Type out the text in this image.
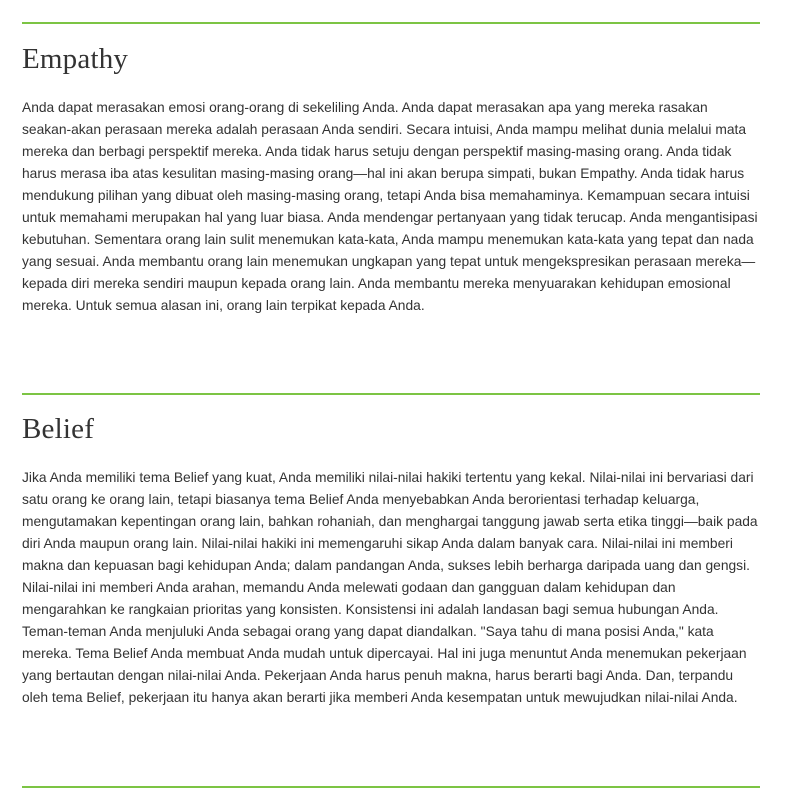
Empathy

Anda dapat merasakan emosi orang-orang di sekeliling Anda. Anda dapat merasakan apa yang mereka rasakan seakan-akan perasaan mereka adalah perasaan Anda sendiri. Secara intuisi, Anda mampu melihat dunia melalui mata mereka dan berbagi perspektif mereka. Anda tidak harus setuju dengan perspektif masing-masing orang. Anda tidak harus merasa iba atas kesulitan masing-masing orang—hal ini akan berupa simpati, bukan Empathy. Anda tidak harus mendukung pilihan yang dibuat oleh masing-masing orang, tetapi Anda bisa memahaminya. Kemampuan secara intuisi untuk memahami merupakan hal yang luar biasa. Anda mendengar pertanyaan yang tidak terucap. Anda mengantisipasi kebutuhan. Sementara orang lain sulit menemukan kata-kata, Anda mampu menemukan kata-kata yang tepat dan nada yang sesuai. Anda membantu orang lain menemukan ungkapan yang tepat untuk mengekspresikan perasaan mereka—kepada diri mereka sendiri maupun kepada orang lain. Anda membantu mereka menyuarakan kehidupan emosional mereka. Untuk semua alasan ini, orang lain terpikat kepada Anda.

Belief

Jika Anda memiliki tema Belief yang kuat, Anda memiliki nilai-nilai hakiki tertentu yang kekal. Nilai-nilai ini bervariasi dari satu orang ke orang lain, tetapi biasanya tema Belief Anda menyebabkan Anda berorientasi terhadap keluarga, mengutamakan kepentingan orang lain, bahkan rohaniah, dan menghargai tanggung jawab serta etika tinggi—baik pada diri Anda maupun orang lain. Nilai-nilai hakiki ini memengaruhi sikap Anda dalam banyak cara. Nilai-nilai ini memberi makna dan kepuasan bagi kehidupan Anda; dalam pandangan Anda, sukses lebih berharga daripada uang dan gengsi. Nilai-nilai ini memberi Anda arahan, memandu Anda melewati godaan dan gangguan dalam kehidupan dan mengarahkan ke rangkaian prioritas yang konsisten. Konsistensi ini adalah landasan bagi semua hubungan Anda. Teman-teman Anda menjuluki Anda sebagai orang yang dapat diandalkan. "Saya tahu di mana posisi Anda," kata mereka. Tema Belief Anda membuat Anda mudah untuk dipercayai. Hal ini juga menuntut Anda menemukan pekerjaan yang bertautan dengan nilai-nilai Anda. Pekerjaan Anda harus penuh makna, harus berarti bagi Anda. Dan, terpandu oleh tema Belief, pekerjaan itu hanya akan berarti jika memberi Anda kesempatan untuk mewujudkan nilai-nilai Anda.
